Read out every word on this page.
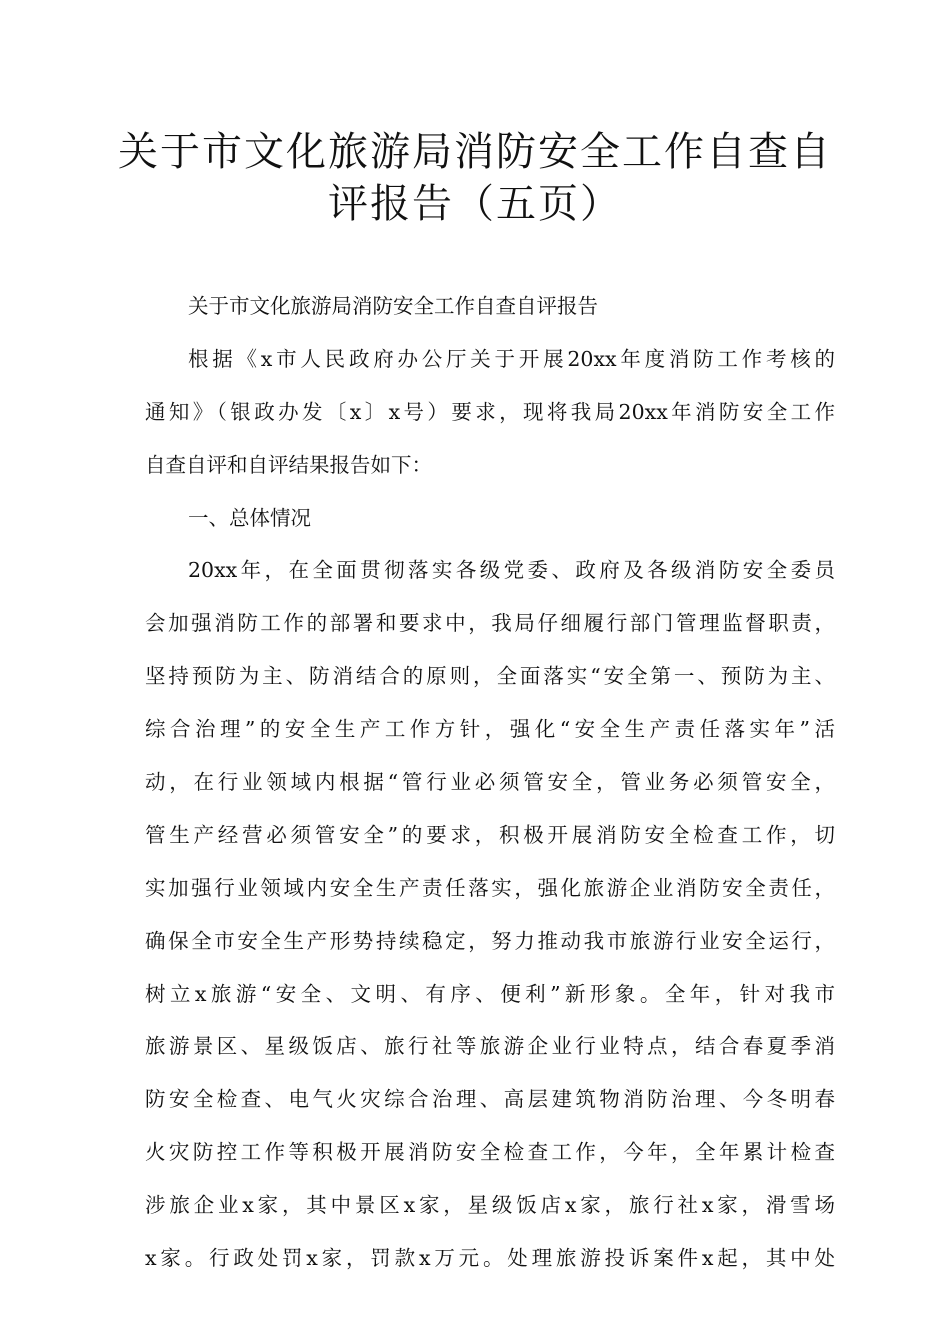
关于市文化旅游局消防安全工作自查自
评报告（五页）
关于市文化旅游局消防安全工作自查自评报告
根据《x市人民政府办公厅关于开展20xx年度消防工作考核的
通知》（银政办发〔x〕x号）要求，现将我局20xx年消防安全工作
自查自评和自评结果报告如下：
一、总体情况
20xx年，在全面贯彻落实各级党委、政府及各级消防安全委员
会加强消防工作的部署和要求中，我局仔细履行部门管理监督职责，
坚持预防为主、防消结合的原则，全面落实“安全第一、预防为主、
综合治理”的安全生产工作方针，强化“安全生产责任落实年”活
动，在行业领域内根据“管行业必须管安全，管业务必须管安全，
管生产经营必须管安全”的要求，积极开展消防安全检查工作，切
实加强行业领域内安全生产责任落实，强化旅游企业消防安全责任，
确保全市安全生产形势持续稳定，努力推动我市旅游行业安全运行，
树立x旅游“安全、文明、有序、便利”新形象。全年，针对我市
旅游景区、星级饭店、旅行社等旅游企业行业特点，结合春夏季消
防安全检查、电气火灾综合治理、高层建筑物消防治理、今冬明春
火灾防控工作等积极开展消防安全检查工作，今年，全年累计检查
涉旅企业x家，其中景区x家，星级饭店x家，旅行社x家，滑雪场
x家。行政处罚x家，罚款x万元。处理旅游投诉案件x起，其中处
